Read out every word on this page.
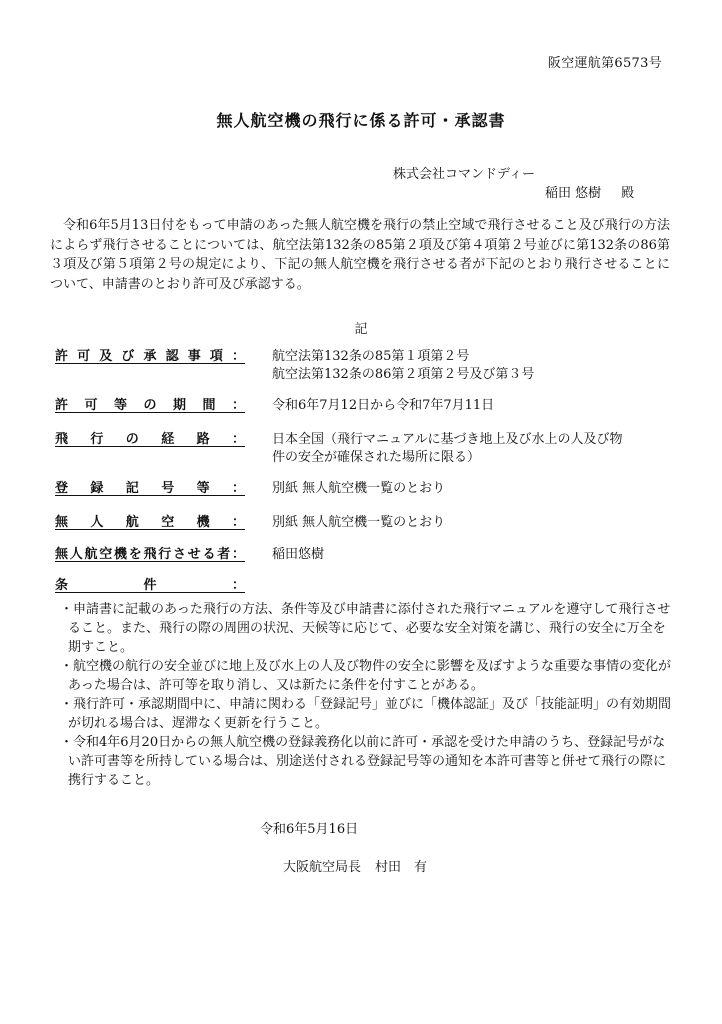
阪空運航第6573号
無人航空機の飛行に係る許可・承認書
株式会社コマンドディー
稲田 悠樹 殿

令和6年5月13日付をもって申請のあった無人航空機を飛行の禁止空域で飛行させること及び飛行の方法によらず飛行させることについては、航空法第132条の85第２項及び第４項第２号並びに第132条の86第３項及び第５項第２号の規定により、下記の無人航空機を飛行させる者が下記のとおり飛行させることについて、申請書のとおり許可及び承認する。

記
許可及び承認事項： 航空法第132条の85第１項第２号
航空法第132条の86第２項第２号及び第３号
許可等の期間： 令和6年7月12日から令和7年7月11日
飛行の経路： 日本全国（飛行マニュアルに基づき地上及び水上の人及び物
件の安全が確保された場所に限る）
登録記号等： 別紙 無人航空機一覧のとおり
無人航空機： 別紙 無人航空機一覧のとおり
無人航空機を飛行させる者： 稲田悠樹
条件：
・申請書に記載のあった飛行の方法、条件等及び申請書に添付された飛行マニュアルを遵守して飛行させること。また、飛行の際の周囲の状況、天候等に応じて、必要な安全対策を講じ、飛行の安全に万全を期すこと。
・航空機の航行の安全並びに地上及び水上の人及び物件の安全に影響を及ぼすような重要な事情の変化があった場合は、許可等を取り消し、又は新たに条件を付すことがある。
・飛行許可・承認期間中に、申請に関わる「登録記号」並びに「機体認証」及び「技能証明」の有効期間が切れる場合は、遅滞なく更新を行うこと。
・令和4年6月20日からの無人航空機の登録義務化以前に許可・承認を受けた申請のうち、登録記号がない許可書等を所持している場合は、別途送付される登録記号等の通知を本許可書等と併せて飛行の際に携行すること。
令和6年5月16日
大阪航空局長 村田　有
